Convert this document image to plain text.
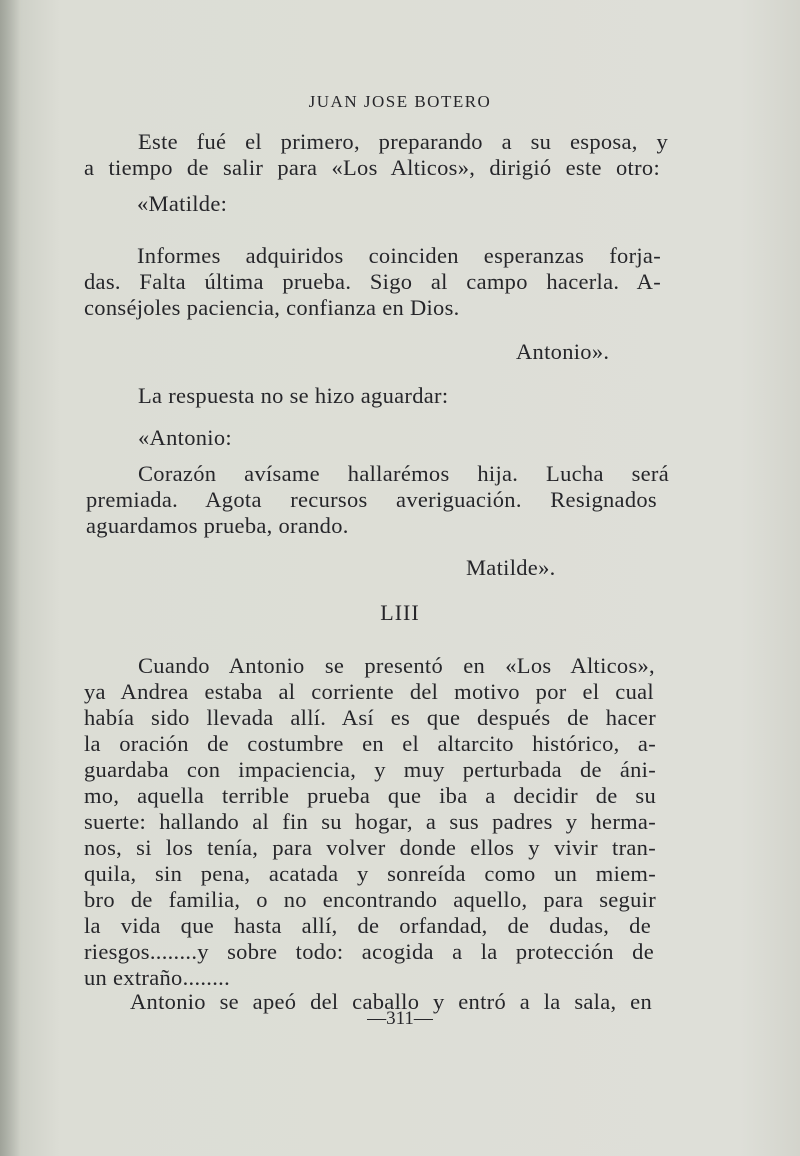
JUAN JOSE BOTERO
Este fué el primero, preparando a su esposa, y
a tiempo de salir para «Los Alticos», dirigió este otro:
«Matilde:
Informes adquiridos coinciden esperanzas forja-
das. Falta última prueba. Sigo al campo hacerla. A-
conséjoles paciencia, confianza en Dios.
Antonio».
La respuesta no se hizo aguardar:
«Antonio:
Corazón avísame hallarémos hija. Lucha será
premiada. Agota recursos averiguación. Resignados
aguardamos prueba, orando.
Matilde».
LIII
Cuando Antonio se presentó en «Los Alticos»,
ya Andrea estaba al corriente del motivo por el cual
había sido llevada allí. Así es que después de hacer
la oración de costumbre en el altarcito histórico, a-
guardaba con impaciencia, y muy perturbada de áni-
mo, aquella terrible prueba que iba a decidir de su
suerte: hallando al fin su hogar, a sus padres y herma-
nos, si los tenía, para volver donde ellos y vivir tran-
quila, sin pena, acatada y sonreída como un miem-
bro de familia, o no encontrando aquello, para seguir
la vida que hasta allí, de orfandad, de dudas, de
riesgos........y sobre todo: acogida a la protección de
un extraño........
Antonio se apeó del caballo y entró a la sala, en
—311—
